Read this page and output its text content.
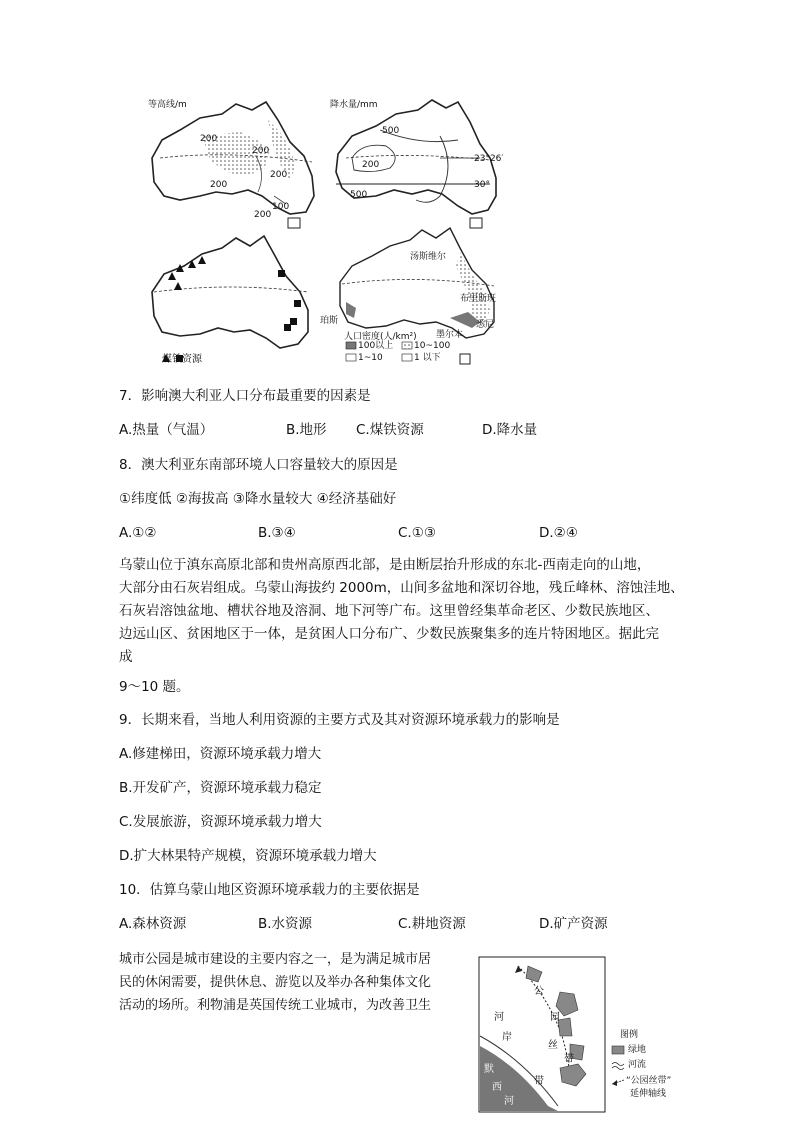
等高线/m
200
200
200
200
100
200
降水量/mm
500
200
500
23°26′
30°
煤铁资源
汤斯维尔
布里斯班
悉尼
墨尔本
珀斯
人口密度(人/km²)
100以上 10~100
1~10	1 以下
7．影响澳大利亚人口分布最重要的因素是
A.热量（气温）	B.地形 C.煤铁资源	D.降水量
8．澳大利亚东南部环境人口容量较大的原因是
①纬度低 ②海拔高 ③降水量较大 ④经济基础好
A.①②	B.③④	C.①③	D.②④
乌蒙山位于滇东高原北部和贵州高原西北部，是由断层抬升形成的东北-西南走向的山地，
大部分由石灰岩组成。乌蒙山海拔约 2000m，山间多盆地和深切谷地，残丘峰林、溶蚀洼地、
石灰岩溶蚀盆地、槽状谷地及溶洞、地下河等广布。这里曾经集革命老区、少数民族地区、
边远山区、贫困地区于一体，是贫困人口分布广、少数民族聚集多的连片特困地区。据此完
成
9～10 题。
9．长期来看，当地人利用资源的主要方式及其对资源环境承载力的影响是
A.修建梯田，资源环境承载力增大
B.开发矿产，资源环境承载力稳定
C.发展旅游，资源环境承载力增大
D.扩大林果特产规模，资源环境承载力增大
10．估算乌蒙山地区资源环境承载力的主要依据是
A.森林资源	B.水资源	C.耕地资源	D.矿产资源
城市公园是城市建设的主要内容之一，是为满足城市居
民的休闲需要，提供休息、游览以及举办各种集体文化
活动的场所。利物浦是英国传统工业城市，为改善卫生
公
园
丝
带
河
岸
带
默
西
河
图例
绿地
河流
“公园丝带”
延伸轴线
